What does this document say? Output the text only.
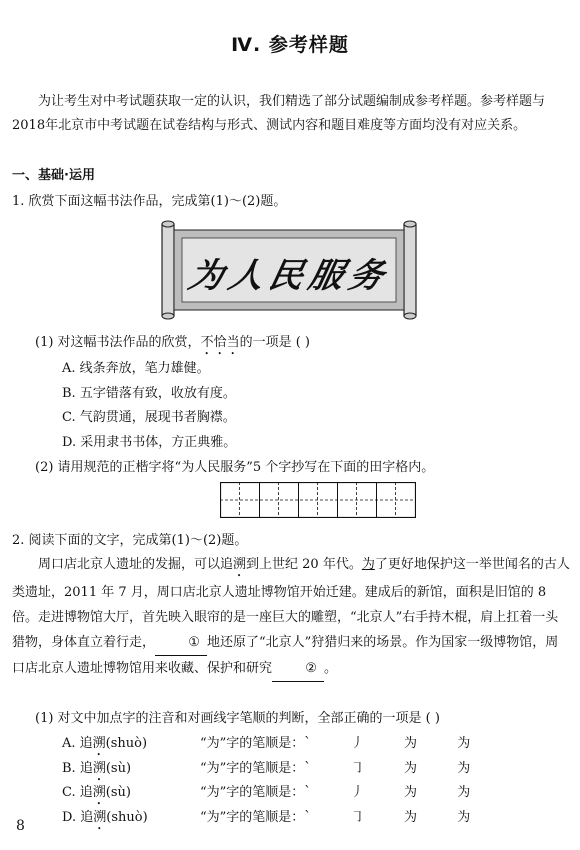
Ⅳ. 参考样题
为让考生对中考试题获取一定的认识，我们精选了部分试题编制成参考样题。参考样题与2018年北京市中考试题在试卷结构与形式、测试内容和题目难度等方面均没有对应关系。
一、基础·运用
1. 欣赏下面这幅书法作品，完成第(1)～(2)题。
为人民服务
(1) 对这幅书法作品的欣赏，不恰当的一项是 ( )
A. 线条奔放，笔力雄健。
B. 五字错落有致，收放有度。
C. 气韵贯通，展现书者胸襟。
D. 采用隶书书体，方正典雅。
(2) 请用规范的正楷字将“为人民服务”5 个字抄写在下面的田字格内。
2. 阅读下面的文字，完成第(1)～(2)题。
周口店北京人遗址的发掘，可以追溯到上世纪 20 年代。为了更好地保护这一举世闻名的古人类遗址，2011 年 7 月，周口店北京人遗址博物馆开始迁建。建成后的新馆，面积是旧馆的 8 倍。走进博物馆大厅，首先映入眼帘的是一座巨大的雕塑，“北京人”右手持木棍，肩上扛着一头猎物，身体直立着行走，	① 地还原了“北京人”狩猎归来的场景。作为国家一级博物馆，周口店北京人遗址博物馆用来收藏、保护和研究	② 。
(1) 对文中加点字的注音和对画线字笔顺的判断，全部正确的一项是 ( )
A. 追溯(shuò)	“为”字的笔顺是：` 丿 为 为
B. 追溯(sù)	“为”字的笔顺是：` ㇆ 为 为
C. 追溯(sù)	“为”字的笔顺是：` 丿 为 为
D. 追溯(shuò)	“为”字的笔顺是：` ㇆ 为 为
8
